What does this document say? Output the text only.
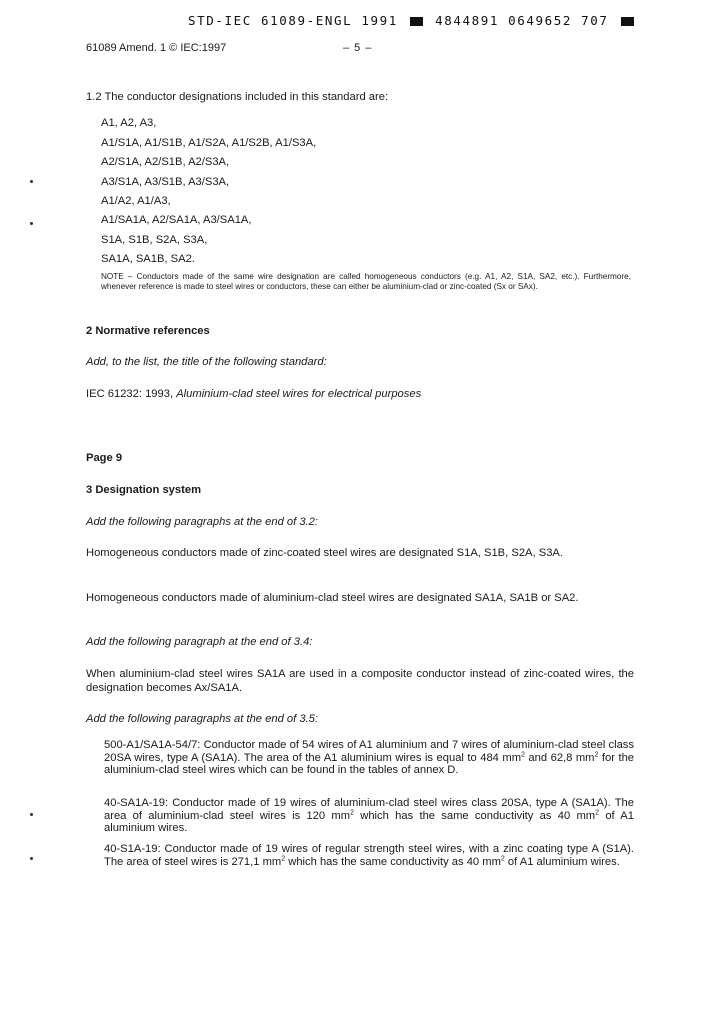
STD-IEC 61089-ENGL 1991	4844891 0649652 707
61089 Amend. 1 © IEC:1997	– 5 –
1.2 The conductor designations included in this standard are:
A1, A2, A3,
A1/S1A, A1/S1B, A1/S2A, A1/S2B, A1/S3A,
A2/S1A, A2/S1B, A2/S3A,
A3/S1A, A3/S1B, A3/S3A,
A1/A2, A1/A3,
A1/SA1A, A2/SA1A, A3/SA1A,
S1A, S1B, S2A, S3A,
SA1A, SA1B, SA2.
NOTE – Conductors made of the same wire designation are called homogeneous conductors (e.g. A1, A2, S1A, SA2, etc.). Furthermore, whenever reference is made to steel wires or conductors, these can either be aluminium-clad or zinc-coated (Sx or SAx).
2 Normative references
Add, to the list, the title of the following standard:
IEC 61232: 1993, Aluminium-clad steel wires for electrical purposes
Page 9
3 Designation system
Add the following paragraphs at the end of 3.2:
Homogeneous conductors made of zinc-coated steel wires are designated S1A, S1B, S2A, S3A.
Homogeneous conductors made of aluminium-clad steel wires are designated SA1A, SA1B or SA2.
Add the following paragraph at the end of 3.4:
When aluminium-clad steel wires SA1A are used in a composite conductor instead of zinc-coated wires, the designation becomes Ax/SA1A.
Add the following paragraphs at the end of 3.5:
500-A1/SA1A-54/7: Conductor made of 54 wires of A1 aluminium and 7 wires of aluminium-clad steel class 20SA wires, type A (SA1A). The area of the A1 aluminium wires is equal to 484 $mm^2$ and 62,8 $mm^2$ for the aluminium-clad steel wires which can be found in the tables of annex D.
40-SA1A-19: Conductor made of 19 wires of aluminium-clad steel wires class 20SA, type A (SA1A). The area of aluminium-clad steel wires is 120 $mm^2$ which has the same conductivity as 40 $mm^2$ of A1 aluminium wires.
40-S1A-19: Conductor made of 19 wires of regular strength steel wires, with a zinc coating type A (S1A). The area of steel wires is 271,1 $mm^2$ which has the same conductivity as 40 $mm^2$ of A1 aluminium wires.
